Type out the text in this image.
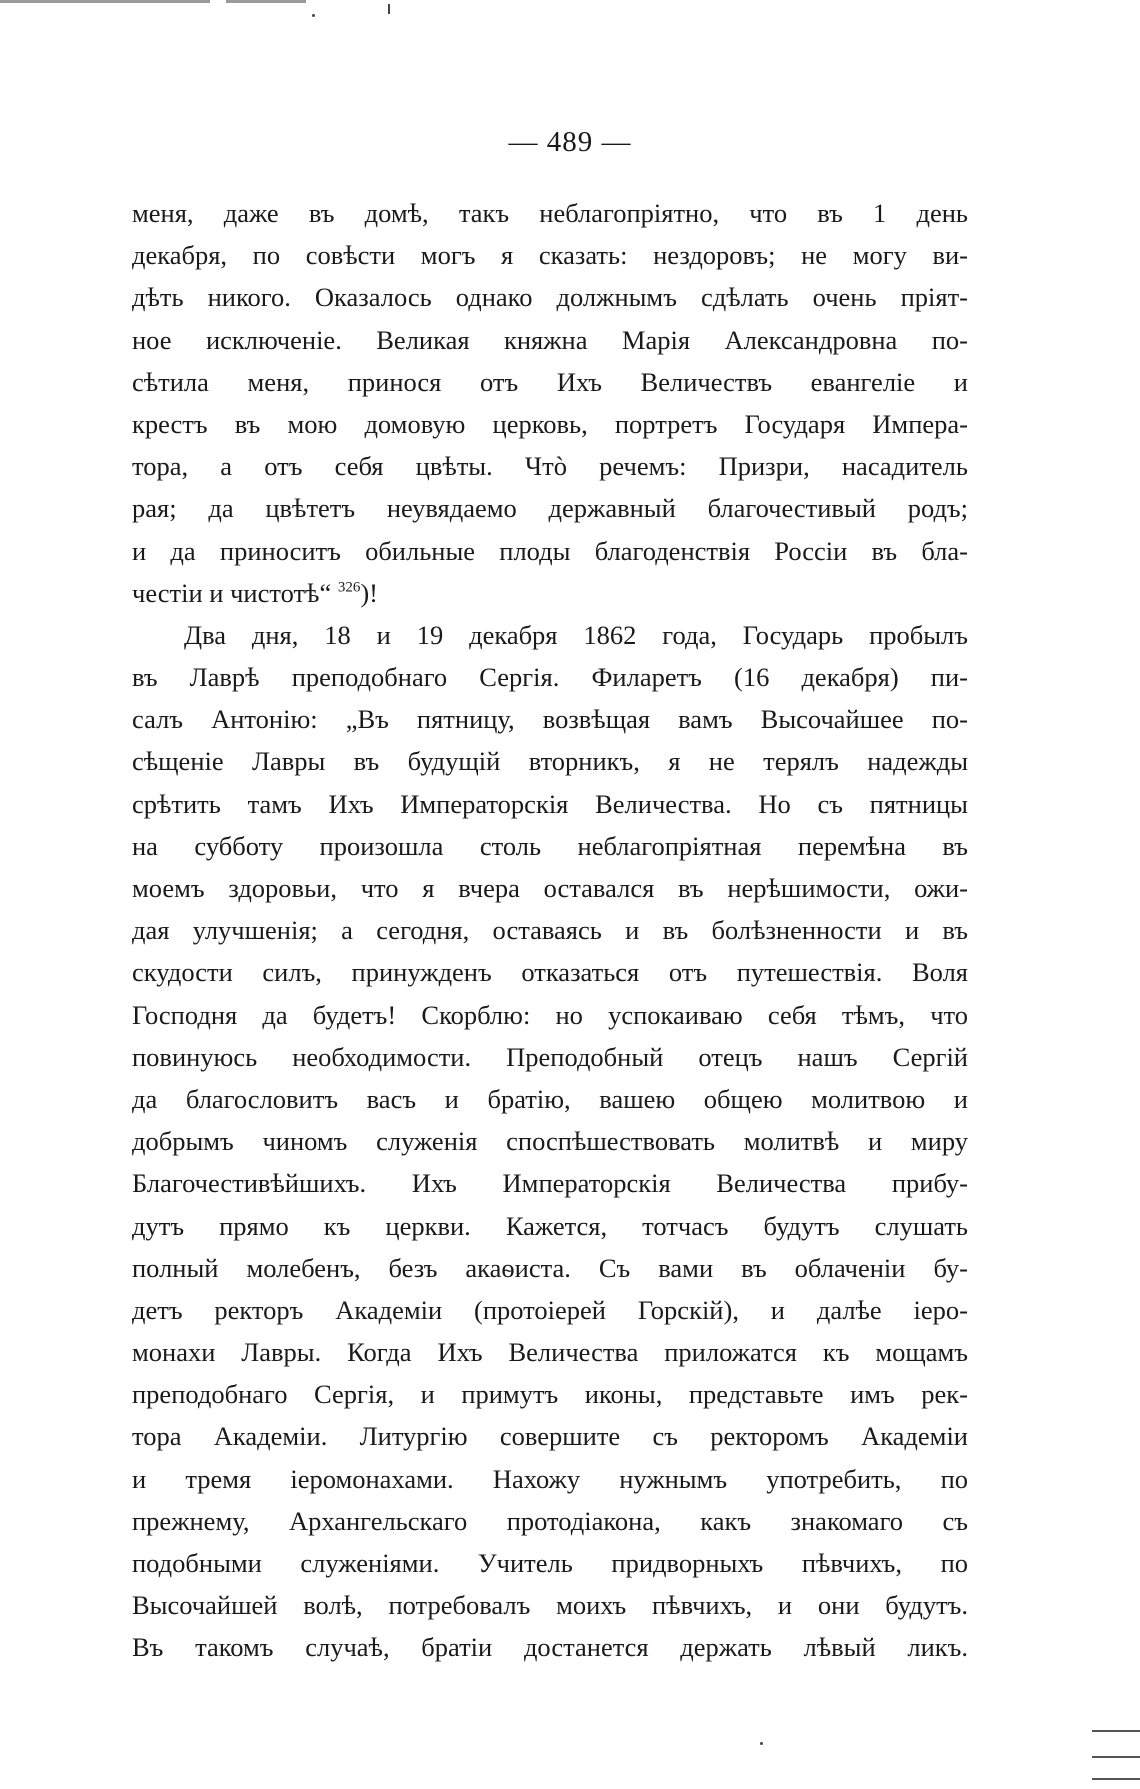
— 489 —
меня, даже въ домѣ, такъ неблагопріятно, что въ 1 день
декабря, по совѣсти могъ я сказать: нездоровъ; не могу ви-
дѣть никого. Оказалось однако должнымъ сдѣлать очень пріят-
ное исключеніе. Великая княжна Марія Александровна по-
сѣтила меня, принося отъ Ихъ Величествъ евангеліе и
крестъ въ мою домовую церковь, портретъ Государя Импера-
тора, а отъ себя цвѣты. Чтò речемъ: Призри, насадитель
рая; да цвѣтетъ неувядаемо державный благочестивый родъ;
и да приноситъ обильные плоды благоденствія Россіи въ бла-
честіи и чистотѣ“ $^{326}$)!
Два дня, 18 и 19 декабря 1862 года, Государь пробылъ
въ Лаврѣ преподобнаго Сергія. Филаретъ (16 декабря) пи-
салъ Антонію: „Въ пятницу, возвѣщая вамъ Высочайшее по-
сѣщеніе Лавры въ будущій вторникъ, я не терялъ надежды
срѣтить тамъ Ихъ Императорскія Величества. Но съ пятницы
на субботу произошла столь неблагопріятная перемѣна въ
моемъ здоровьи, что я вчера оставался въ нерѣшимости, ожи-
дая улучшенія; а сегодня, оставаясь и въ болѣзненности и въ
скудости силъ, принужденъ отказаться отъ путешествія. Воля
Господня да будетъ! Скорблю: но успокаиваю себя тѣмъ, что
повинуюсь необходимости. Преподобный отецъ нашъ Сергій
да благословитъ васъ и братію, вашею общею молитвою и
добрымъ чиномъ служенія споспѣшествовать молитвѣ и миру
Благочестивѣйшихъ. Ихъ Императорскія Величества прибу-
дутъ прямо къ церкви. Кажется, тотчасъ будутъ слушать
полный молебенъ, безъ акаѳиста. Съ вами въ облаченіи бу-
детъ ректоръ Академіи (протоіерей Горскій), и далѣе іеро-
монахи Лавры. Когда Ихъ Величества приложатся къ мощамъ
преподобнаго Сергія, и примутъ иконы, представьте имъ рек-
тора Академіи. Литургію совершите съ ректоромъ Академіи
и тремя іеромонахами. Нахожу нужнымъ употребить, по
прежнему, Архангельскаго протодіакона, какъ знакомаго съ
подобными служеніями. Учитель придворныхъ пѣвчихъ, по
Высочайшей волѣ, потребовалъ моихъ пѣвчихъ, и они будутъ.
Въ такомъ случаѣ, братіи достанется держать лѣвый ликъ.
